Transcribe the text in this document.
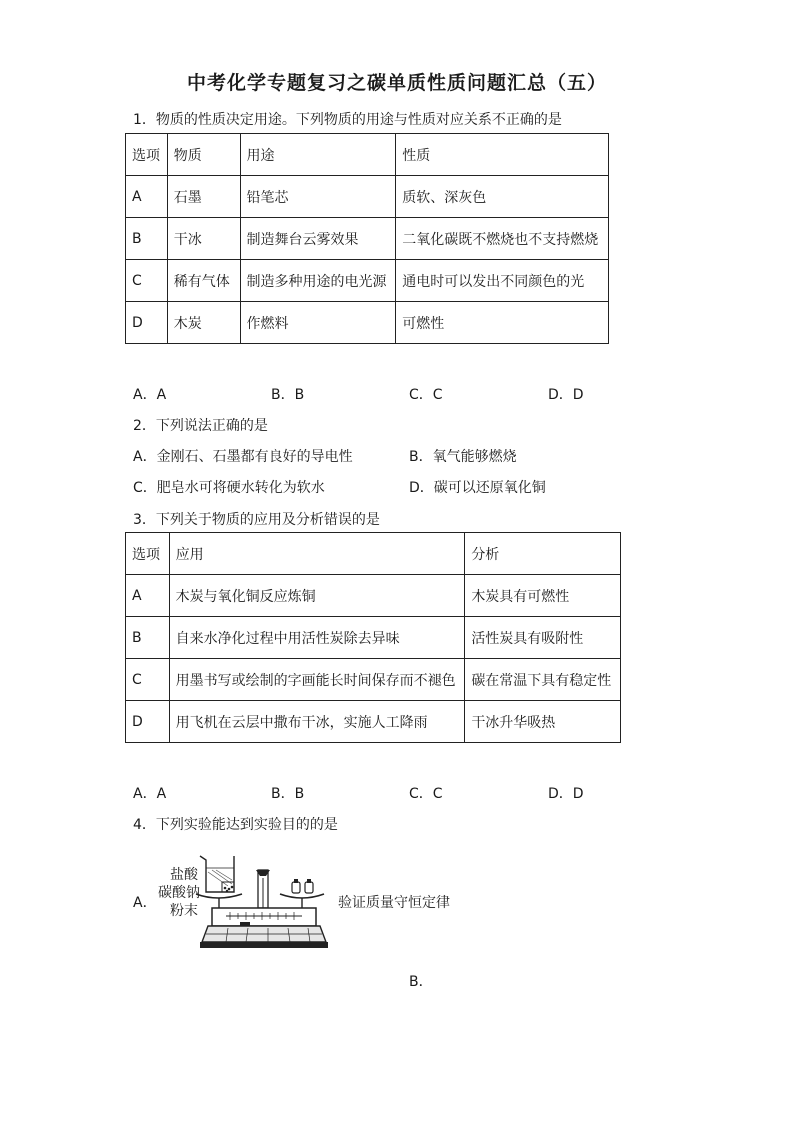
中考化学专题复习之碳单质性质问题汇总（五）
1．物质的性质决定用途。下列物质的用途与性质对应关系不正确的是
选项	物质	用途	性质
A	石墨	铅笔芯	质软、深灰色
B	干冰	制造舞台云雾效果	二氧化碳既不燃烧也不支持燃烧
C	稀有气体	制造多种用途的电光源	通电时可以发出不同颜色的光
D	木炭	作燃料	可燃性
A．A	B．B	C．C	D．D
2．下列说法正确的是
A．金刚石、石墨都有良好的导电性	B．氧气能够燃烧
C．肥皂水可将硬水转化为软水	D．碳可以还原氧化铜
3．下列关于物质的应用及分析错误的是
选项	应用	分析
A	木炭与氧化铜反应炼铜	木炭具有可燃性
B	自来水净化过程中用活性炭除去异味	活性炭具有吸附性
C	用墨书写或绘制的字画能长时间保存而不褪色	碳在常温下具有稳定性
D	用飞机在云层中撒布干冰，实施人工降雨	干冰升华吸热
A．A	B．B	C．C	D．D
4．下列实验能达到实验目的的是
A．
盐酸
碳酸钠
粉末	验证质量守恒定律
B．
